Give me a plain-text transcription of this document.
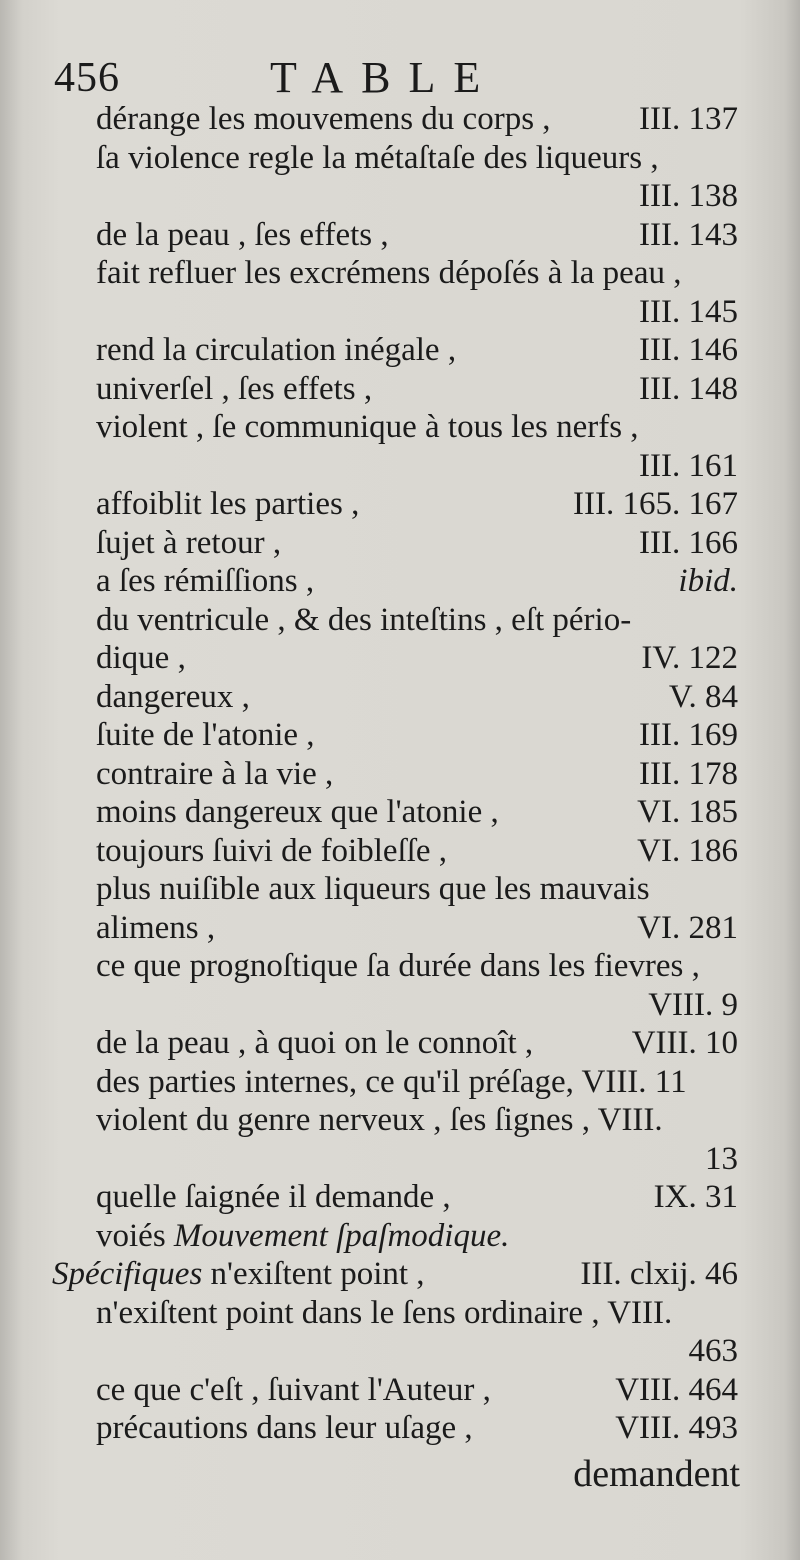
456	TABLE
dérange les mouvemens du corps ,	III. 137
ſa violence regle la métaſtaſe des liqueurs ,
III. 138
de la peau , ſes effets ,	III. 143
fait refluer les excrémens dépoſés à la peau ,
III. 145
rend la circulation inégale ,	III. 146
univerſel , ſes effets ,	III. 148
violent , ſe communique à tous les nerfs ,
III. 161
affoiblit les parties ,	III. 165. 167
ſujet à retour ,	III. 166
a ſes rémiſſions ,	ibid.
du ventricule , & des inteſtins , eſt pério-
dique ,	IV. 122
dangereux ,	V. 84
ſuite de l'atonie ,	III. 169
contraire à la vie ,	III. 178
moins dangereux que l'atonie ,	VI. 185
toujours ſuivi de foibleſſe ,	VI. 186
plus nuiſible aux liqueurs que les mauvais
alimens ,	VI. 281
ce que prognoſtique ſa durée dans les fievres ,
VIII. 9
de la peau , à quoi on le connoît ,	VIII. 10
des parties internes, ce qu'il préſage, VIII. 11
violent du genre nerveux , ſes ſignes , VIII.
13
quelle ſaignée il demande ,	IX. 31
voiés Mouvement ſpaſmodique.
Spécifiques n'exiſtent point ,	III. clxij. 46
n'exiſtent point dans le ſens ordinaire , VIII.
463
ce que c'eſt , ſuivant l'Auteur ,	VIII. 464
précautions dans leur uſage ,	VIII. 493
demandent
